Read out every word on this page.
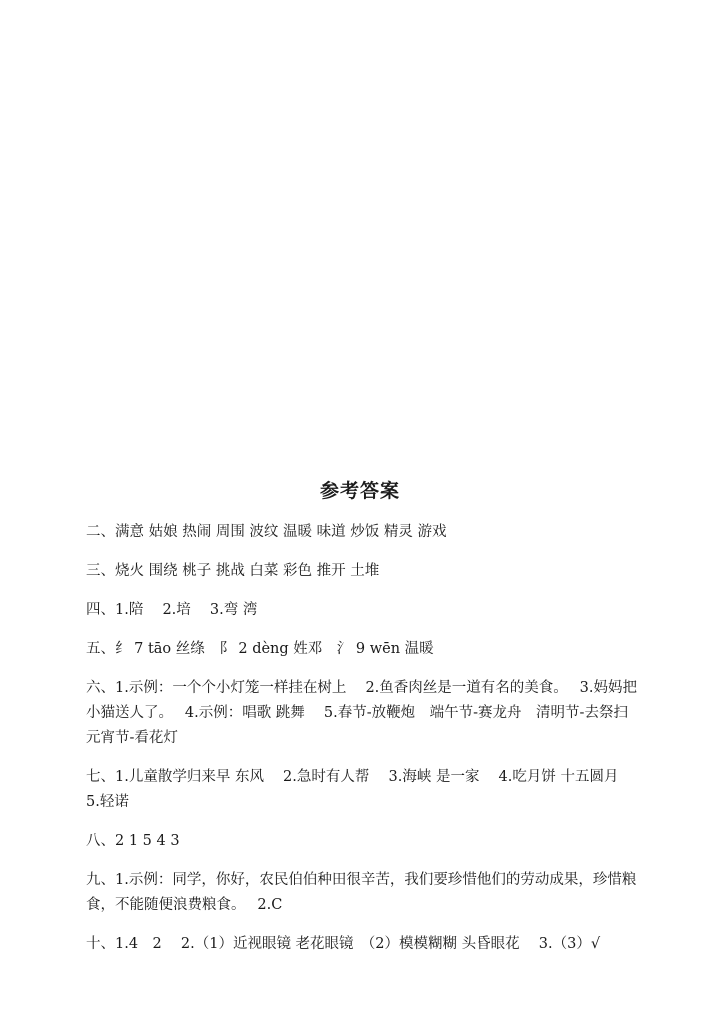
参考答案
二、满意 姑娘 热闹 周围 波纹 温暖 味道 炒饭 精灵 游戏
三、烧火 围绕 桃子 挑战 白菜 彩色 推开 土堆
四、1.陪　 2.培　 3.弯 湾
五、纟 7 tāo 丝绦　阝 2 dèng 姓邓　氵 9 wēn 温暖
六、1.示例：一个个小灯笼一样挂在树上　 2.鱼香肉丝是一道有名的美食。　 3.妈妈把小猫送人了。　 4.示例：唱歌 跳舞　 5.春节-放鞭炮　端午节-赛龙舟　清明节-去祭扫　元宵节-看花灯
七、1.儿童散学归来早 东风　 2.急时有人帮　 3.海峡 是一家　 4.吃月饼 十五圆月　 5.轻诺
八、2 1 5 4 3
九、1.示例：同学，你好，农民伯伯种田很辛苦，我们要珍惜他们的劳动成果，珍惜粮食，不能随便浪费粮食。　 2.C
十、1.4　2　 2.（1）近视眼镜 老花眼镜　（2）模模糊糊 头昏眼花　 3.（3）√
